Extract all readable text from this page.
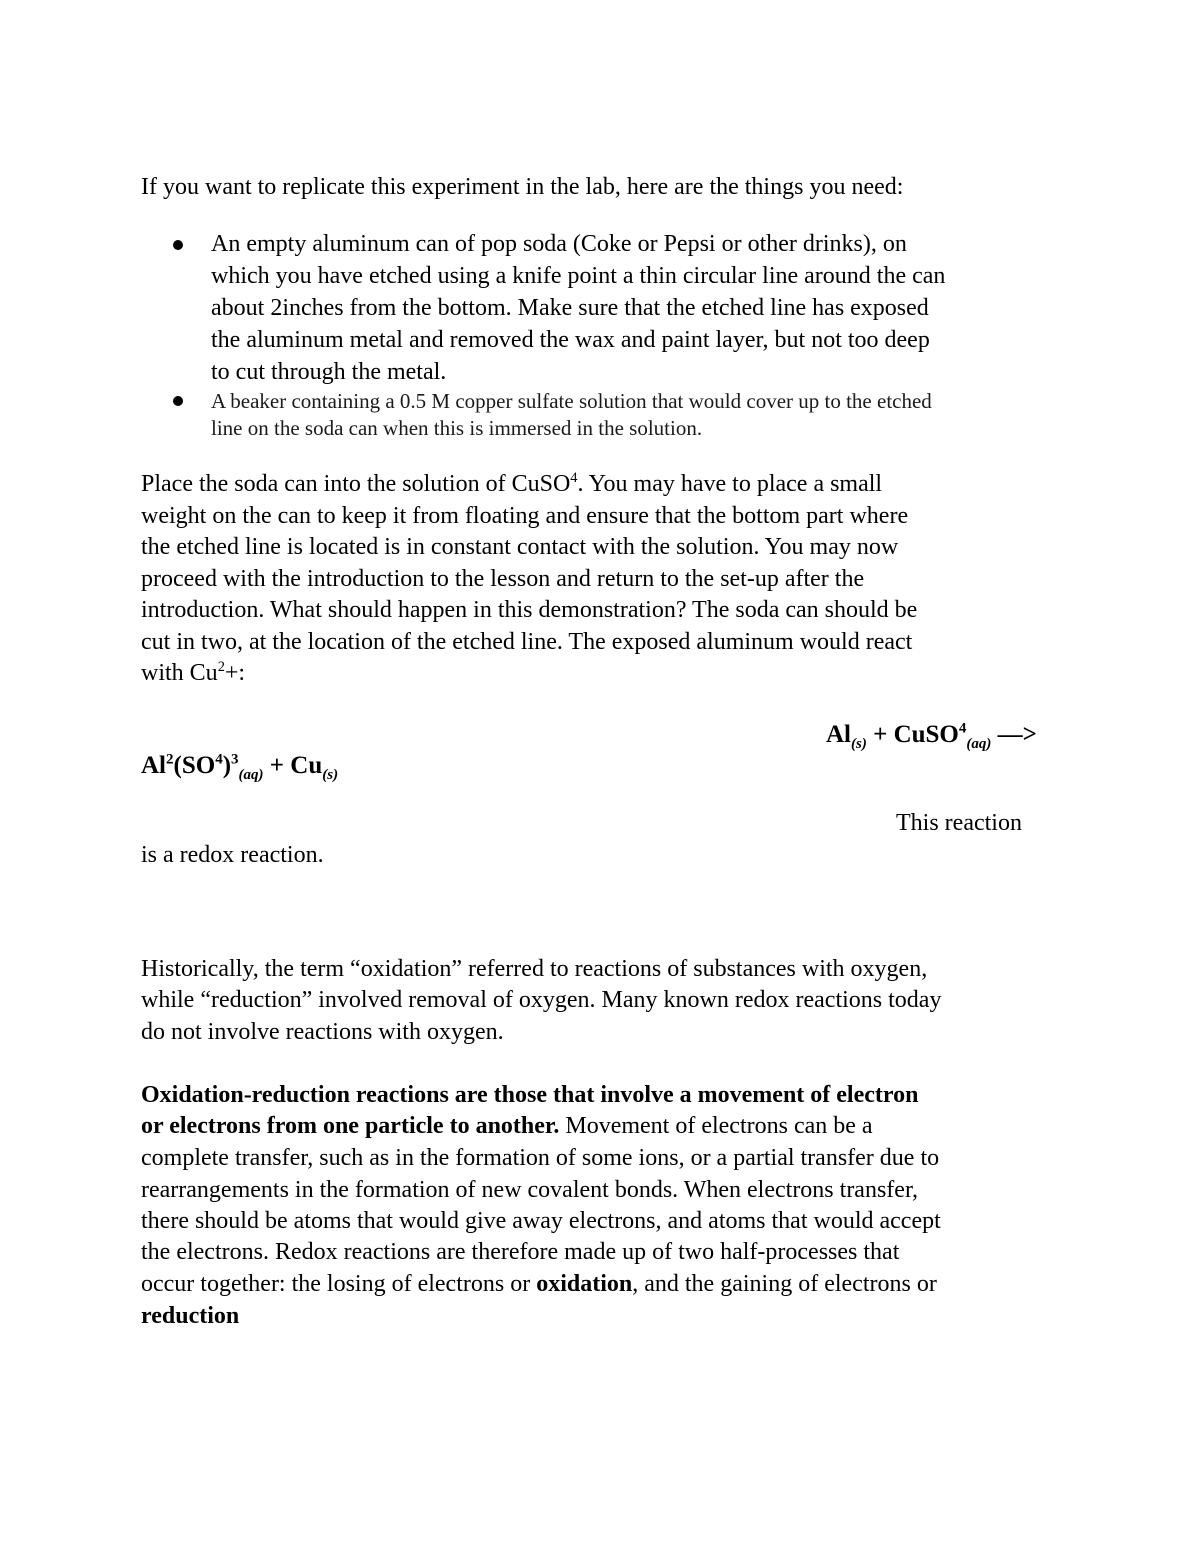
If you want to replicate this experiment in the lab, here are the things you need:
An empty aluminum can of pop soda (Coke or Pepsi or other drinks), on
which you have etched using a knife point a thin circular line around the can
about 2inches from the bottom. Make sure that the etched line has exposed
the aluminum metal and removed the wax and paint layer, but not too deep
to cut through the metal.
A beaker containing a 0.5 M copper sulfate solution that would cover up to the etched
line on the soda can when this is immersed in the solution.
Place the soda can into the solution of CuSO$^4$. You may have to place a small
weight on the can to keep it from floating and ensure that the bottom part where
the etched line is located is in constant contact with the solution. You may now
proceed with the introduction to the lesson and return to the set-up after the
introduction. What should happen in this demonstration? The soda can should be
cut in two, at the location of the etched line. The exposed aluminum would react
with $Cu^2+$:
$Al_{(s)}$ + CuSO$^4_{(aq)}$ —>
$Al^2(SO^4)^3_{(aq)} + Cu_{(s)}$
This reaction
is a redox reaction.
Historically, the term “oxidation” referred to reactions of substances with oxygen,
while “reduction” involved removal of oxygen. Many known redox reactions today
do not involve reactions with oxygen.
Oxidation-reduction reactions are those that involve a movement of electron
or electrons from one particle to another. Movement of electrons can be a
complete transfer, such as in the formation of some ions, or a partial transfer due to
rearrangements in the formation of new covalent bonds. When electrons transfer,
there should be atoms that would give away electrons, and atoms that would accept
the electrons. Redox reactions are therefore made up of two half-processes that
occur together: the losing of electrons or oxidation, and the gaining of electrons or
reduction
